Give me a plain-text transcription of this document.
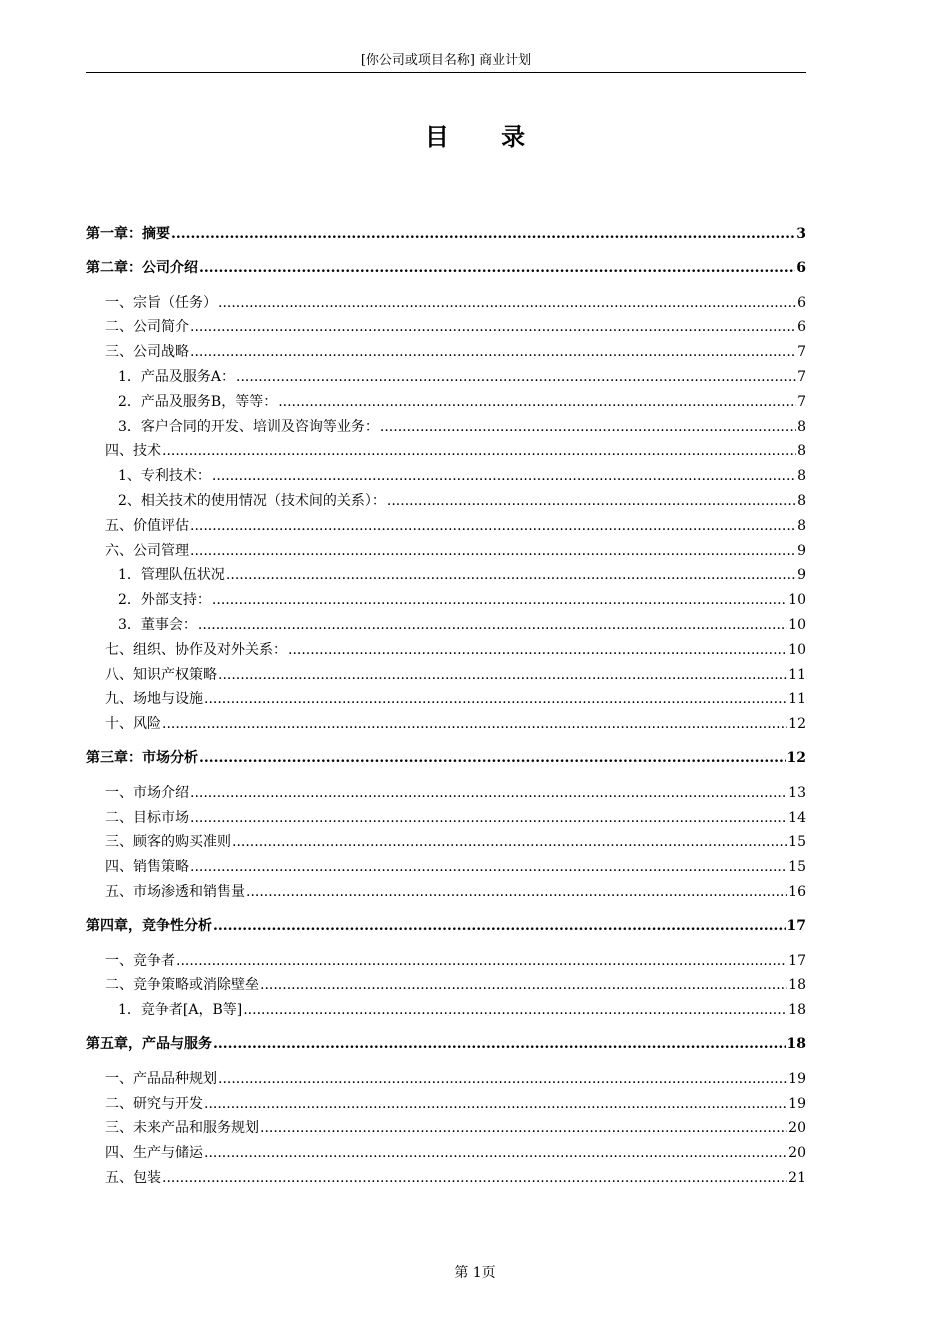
[你公司或项目名称] 商业计划
目 录
第一章：摘要 .....	3
第二章：公司介绍 .....	6
一、宗旨（任务） .....	6
二、公司简介 .....	6
三、公司战略 .....	7
1．产品及服务A： .....	7
2．产品及服务B，等等： .....	7
3．客户合同的开发、培训及咨询等业务： .....	8
四、技术 .....	8
1、专利技术： .....	8
2、相关技术的使用情况（技术间的关系）： .....	8
五、价值评估 .....	8
六、公司管理 .....	9
1．管理队伍状况 .....	9
2．外部支持： .....	10
3．董事会： .....	10
七、组织、协作及对外关系： .....	10
八、知识产权策略 .....	11
九、场地与设施 .....	11
十、风险 .....	12
第三章：市场分析 .....	12
一、市场介绍 .....	13
二、目标市场 .....	14
三、顾客的购买准则 .....	15
四、销售策略 .....	15
五、市场渗透和销售量 .....	16
第四章，竞争性分析 .....	17
一、竞争者 .....	17
二、竞争策略或消除壁垒 .....	18
1．竞争者[A，B等] .....	18
第五章，产品与服务 .....	18
一、产品品种规划 .....	19
二、研究与开发 .....	19
三、未来产品和服务规划 .....	20
四、生产与储运 .....	20
五、包装 .....	21
第 1页
